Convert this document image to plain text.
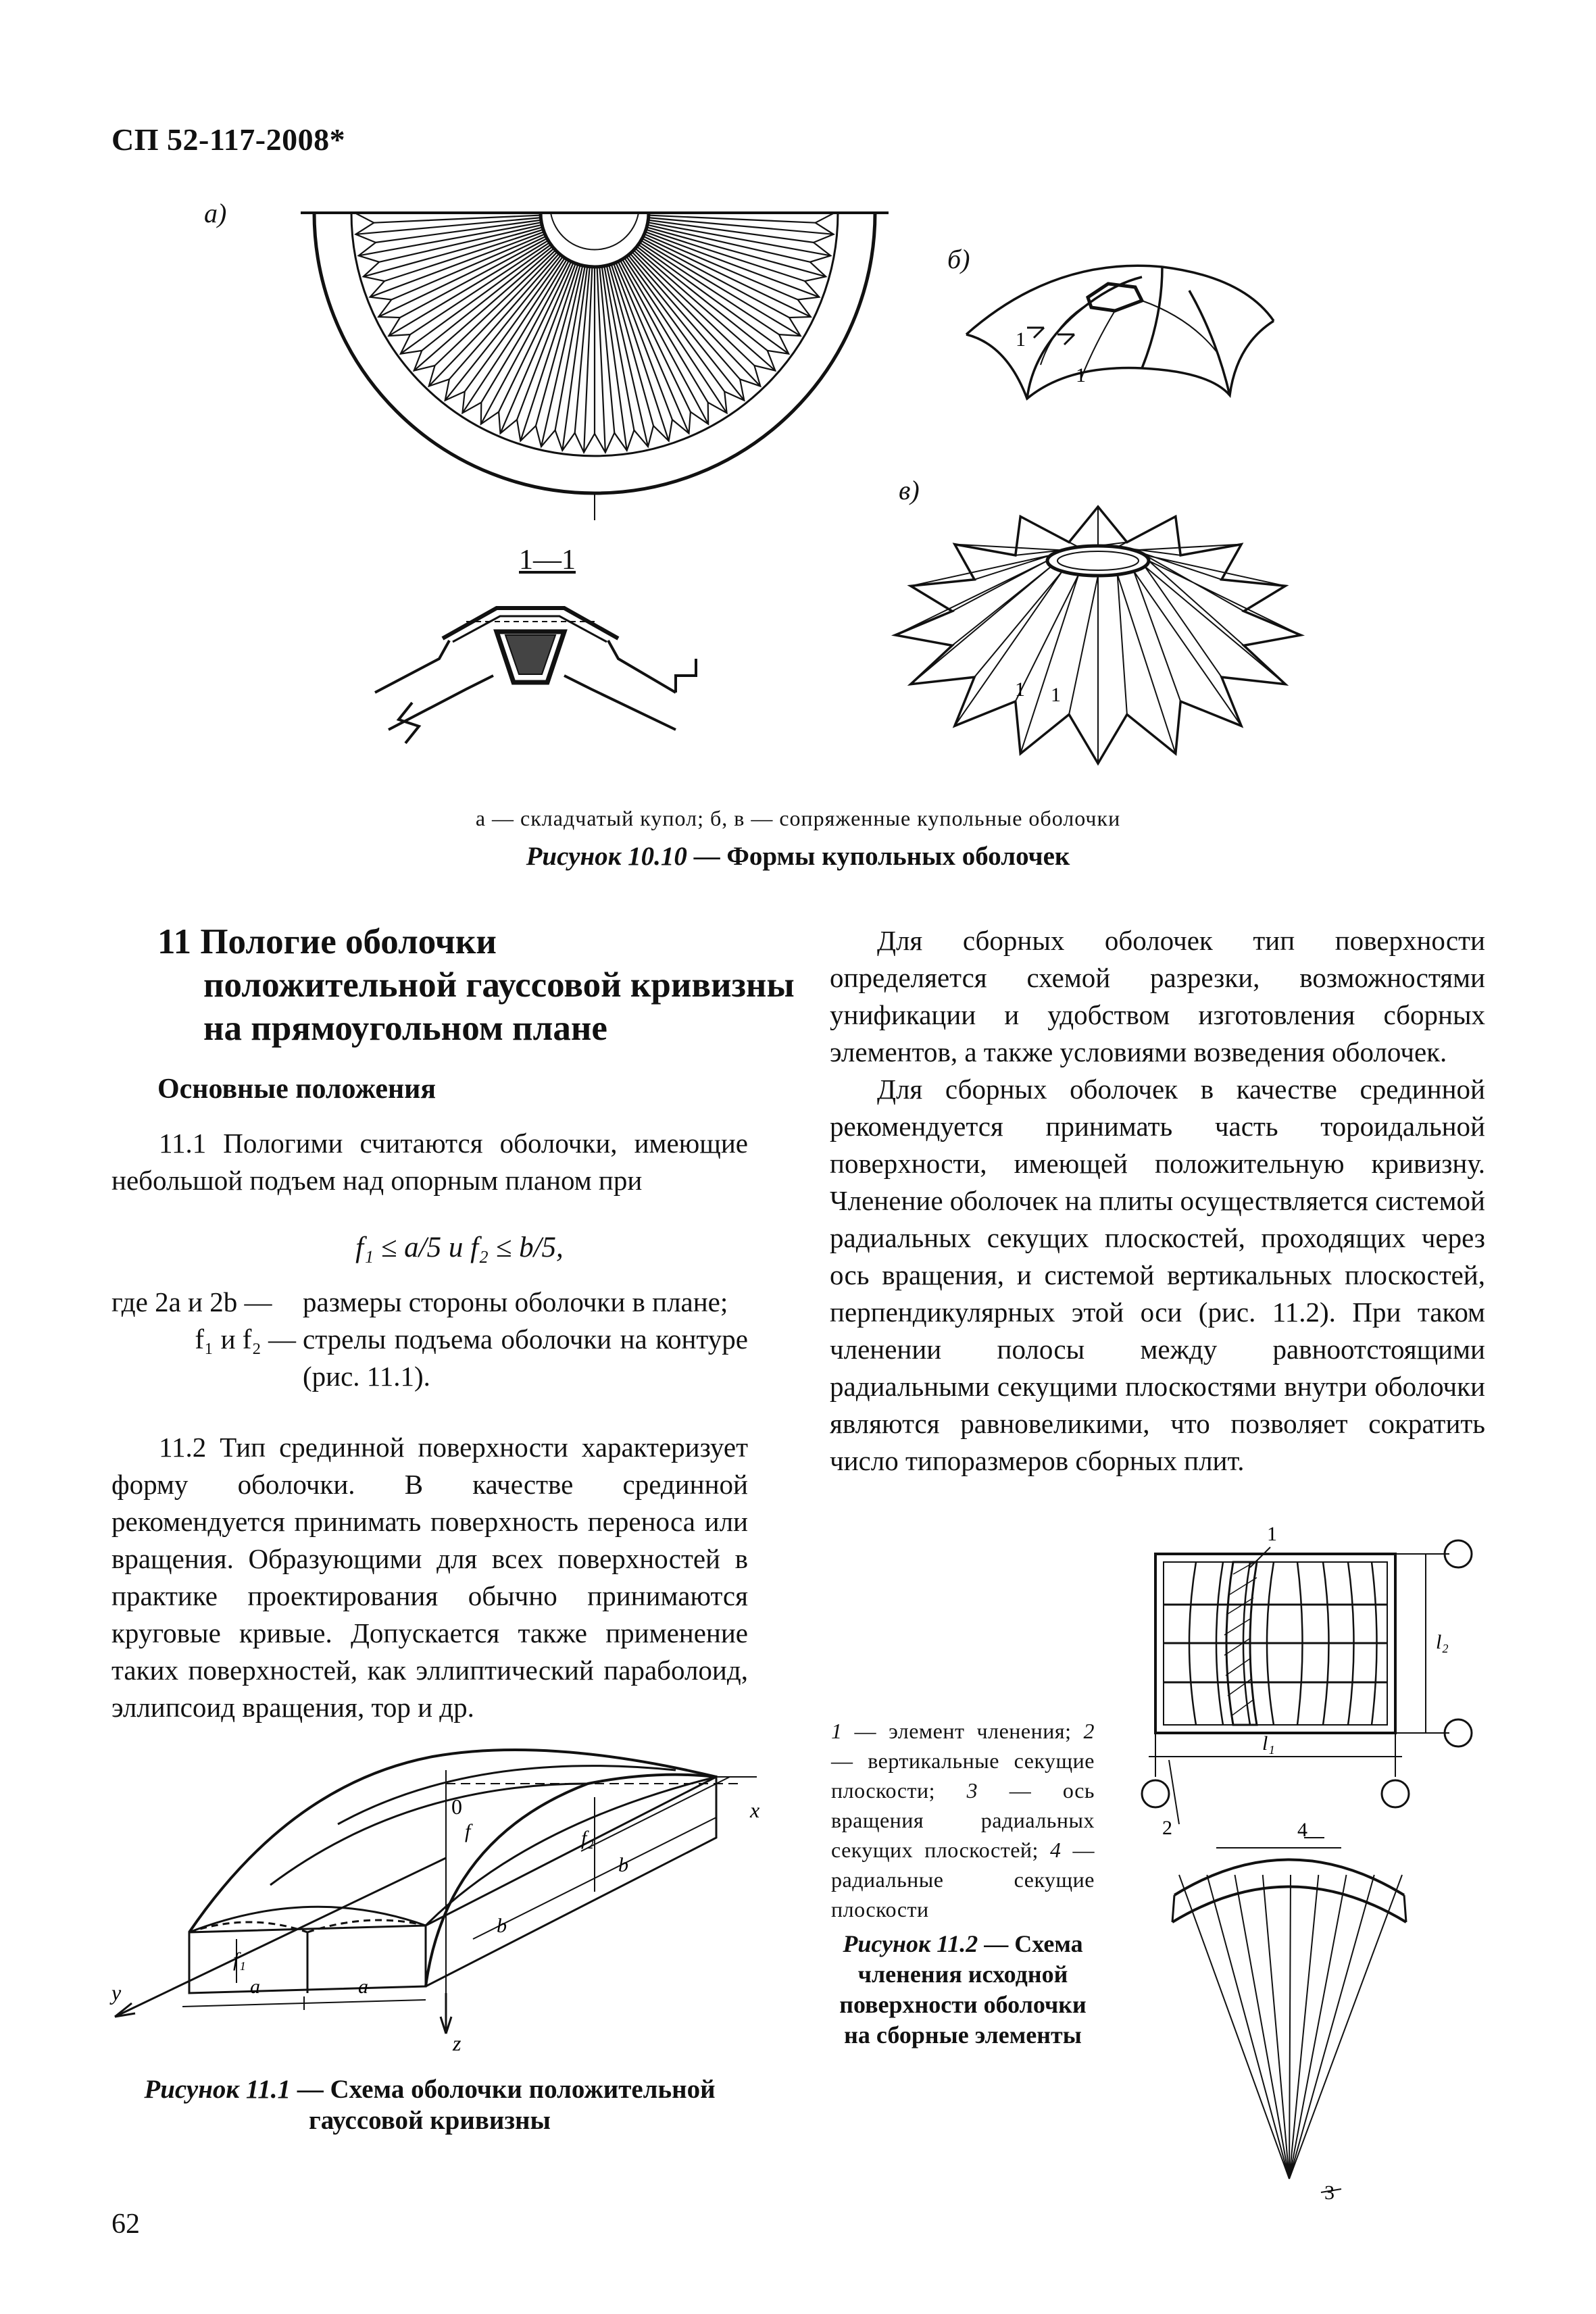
СП 52-117-2008*
а)
б)
в)
1—1
1
1
1 1
а — складчатый купол; б, в — сопряженные купольные оболочки
Рисунок 10.10 — Формы купольных оболочек
11 Пологие оболочки
положительной гауссовой кривизны
на прямоугольном плане
Основные положения

11.1 Пологими считаются оболочки, имеющие небольшой подъем над опорным планом при

f₁ ≤ a/5 и f₂ ≤ b/5,
где 2a и 2b —	размеры стороны оболочки в плане;
f₁ и f₂ — стрелы подъема оболочки на контуре (рис. 11.1).

11.2 Тип срединной поверхности характеризует форму оболочки. В качестве срединной рекомендуется принимать поверхность переноса или вращения. Образующими для всех поверхностей в практике проектирования обычно принимаются круговые кривые. Допускается также применение таких поверхностей, как эллиптический параболоид, эллипсоид вращения, тор и др.

x
y
z
0
f₁
f₂
f
a	a
b
b
Рисунок 11.1 — Схема оболочки положительной
гауссовой кривизны
62

Для сборных оболочек тип поверхности определяется схемой разрезки, возможностями унификации и удобством изготовления сборных элементов, а также условиями возведения оболочек.

Для сборных оболочек в качестве срединной рекомендуется принимать часть тороидальной поверхности, имеющей положительную кривизну. Членение оболочек на плиты осуществляется системой радиальных секущих плоскостей, проходящих через ось вращения, и системой вертикальных плоскостей, перпендикулярных этой оси (рис. 11.2). При таком членении полосы между равноотстоящими радиальными секущими плоскостями внутри оболочки являются равновеликими, что позволяет сократить число типоразмеров сборных плит.

1
2
3
4
l₁
l₂
1 — элемент членения; 2 — вертикальные секущие плоскости; 3 — ось вращения радиальных секущих плоскостей; 4 — радиальные секущие плоскости
Рисунок 11.2 — Схема членения исходной поверхности оболочки на сборные элементы
